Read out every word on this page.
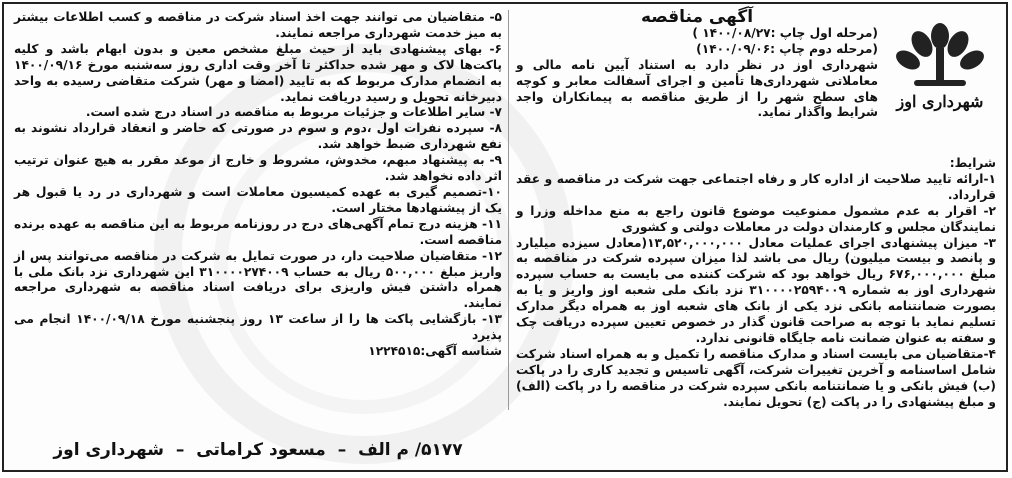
شهرداری اوز

آگهی مناقصه

(مرحله اول چاپ :۱۴۰۰/۰۸/۲۷ )

(مرحله دوم چاپ :۱۴۰۰/۰۹/۰۶)

شهرداری اوز در نظر دارد به استناد آیین نامه مالی و معاملاتی شهرداری‌ها تأمین و اجرای آسفالت معابر و کوچه های سطح شهر را از طریق مناقصه به پیمانکاران واجد شرایط واگذار نماید.

شرایط:

۱-ارائه تایید صلاحیت از اداره کار و رفاه اجتماعی جهت شرکت در مناقصه و عقد قرارداد.

۲- اقرار به عدم مشمول ممنوعیت موضوع قانون راجع به منع مداخله وزرا و نمایندگان مجلس و کارمندان دولت در معاملات دولتی و کشوری

۳- میزان پیشنهادی اجرای عملیات معادل ۱۳,۵۲۰,۰۰۰,۰۰۰(معادل سیزده میلیارد و پانصد و بیست میلیون) ریال می باشد لذا میزان سپرده شرکت در مناقصه به مبلغ ۶۷۶,۰۰۰,۰۰۰ ریال خواهد بود که شرکت کننده می بایست به حساب سپرده شهرداری اوز به شماره ۳۱۰۰۰۰۲۵۹۴۰۰۹ نزد بانک ملی شعبه اوز واریز و یا به بصورت ضمانتنامه بانکی نزد یکی از بانک های شعبه اوز به همراه دیگر مدارک تسلیم نماید با توجه به صراحت قانون گذار در خصوص تعیین سپرده دریافت چک و سفته به عنوان ضمانت نامه جایگاه قانونی ندارد.

۴-متقاضیان می بایست اسناد و مدارک مناقصه را تکمیل و به همراه اسناد شرکت شامل اساسنامه و آخرین تغییرات شرکت، آگهی تاسیس و تجدید کاری را در پاکت (ب) فیش بانکی و یا ضمانتنامه بانکی سپرده شرکت در مناقصه را در پاکت (الف) و مبلغ پیشنهادی را در پاکت (ج) تحویل نمایند.

۵- متقاضیان می توانند جهت اخذ اسناد شرکت در مناقصه و کسب اطلاعات بیشتر به میز خدمت شهرداری مراجعه نمایند.

۶- بهای پیشنهادی باید از حیث مبلغ مشخص معین و بدون ابهام باشد و کلیه پاکت‌ها لاک و مهر شده حداکثر تا آخر وقت اداری روز سه‌شنبه مورخ ۱۴۰۰/۰۹/۱۶ به انضمام مدارک مربوط که به تایید (امضا و مهر) شرکت متقاضی رسیده به واحد دبیرخانه تحویل و رسید دریافت نماید.

۷- سایر اطلاعات و جزئیات مربوط به مناقصه در اسناد درج شده است.

۸- سپرده نفرات اول ،دوم و سوم در صورتی که حاضر و انعقاد قرارداد نشوند به نفع شهرداری ضبط خواهد شد.

۹- به پیشنهاد مبهم، مخدوش، مشروط و خارج از موعد مقرر به هیچ عنوان ترتیب اثر داده نخواهد شد.

۱۰-تصمیم گیری به عهده کمیسیون معاملات است و شهرداری در رد یا قبول هر یک از پیشنهادها مختار است.

۱۱- هزینه درج تمام آگهی‌های درج در روزنامه مربوط به این مناقصه به عهده برنده مناقصه است.

۱۲- متقاضیان صلاحیت دار، در صورت تمایل به شرکت در مناقصه می‌توانند پس از واریز مبلغ ۵۰۰,۰۰۰ ریال به حساب ۳۱۰۰۰۰۲۷۴۰۰۹ این شهرداری نزد بانک ملی با همراه داشتن فیش واریزی برای دریافت اسناد مناقصه به شهرداری مراجعه نمایند.

۱۳- بازگشایی پاکت ها را از ساعت ۱۳ روز پنجشنبه مورخ ۱۴۰۰/۰۹/۱۸ انجام می پذیرد

شناسه آگهی:۱۲۲۴۵۱۵

۵۱۷۷/ م الف – مسعود کراماتی – شهرداری اوز
